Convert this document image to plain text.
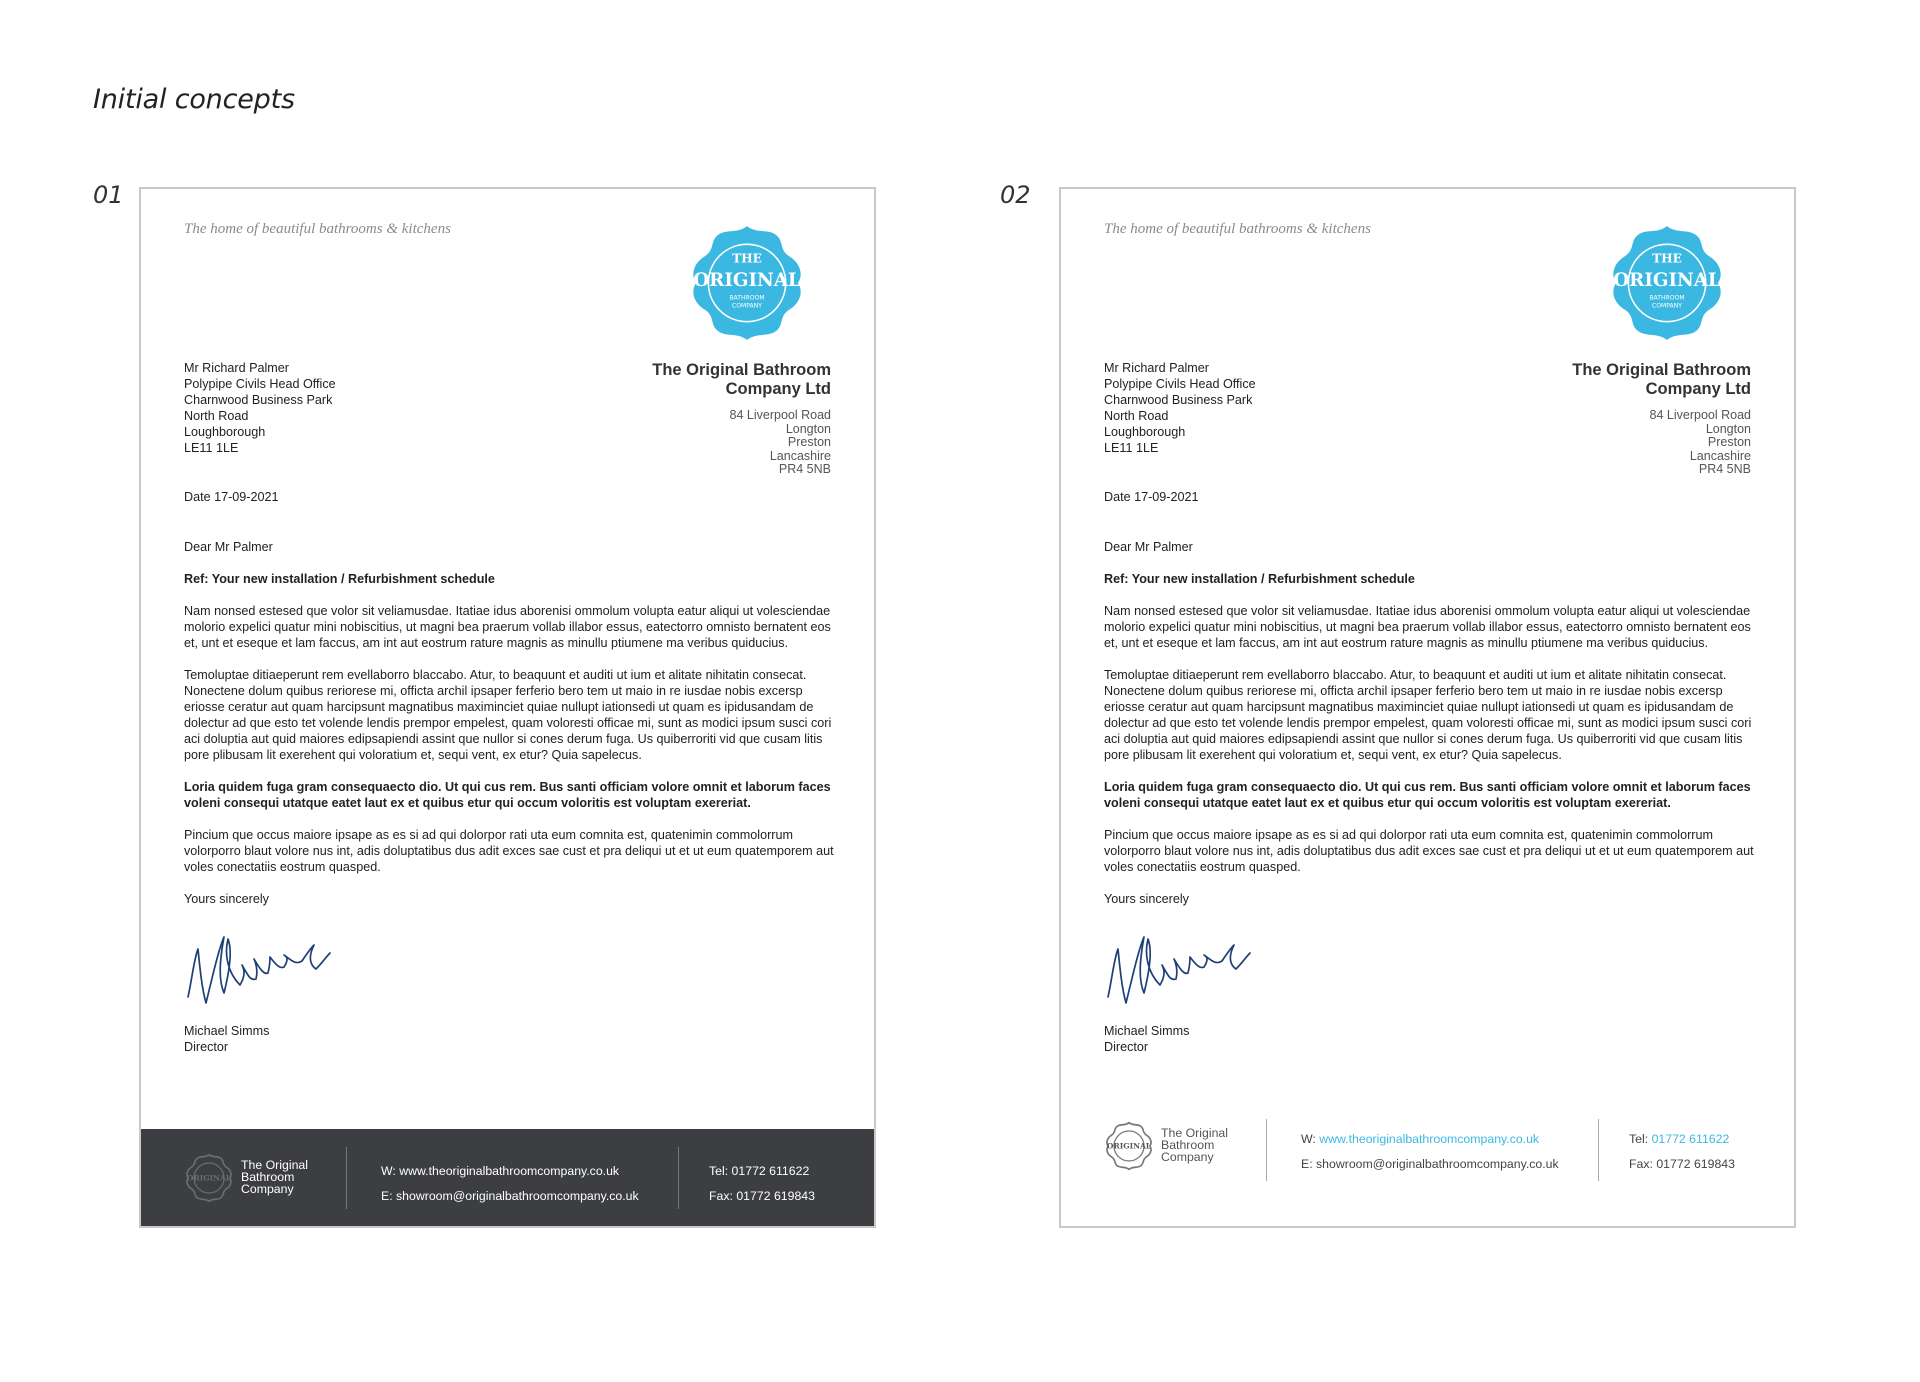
Initial concepts
01

The home of beautiful bathrooms & kitchens

THE
ORIGINAL
BATHROOM
COMPANY

The Original Bathroom
Company Ltd

84 Liverpool Road
Longton
Preston
Lancashire
PR4 5NB
Mr Richard Palmer
Polypipe Civils Head Office
Charnwood Business Park
North Road
Loughborough
LE11 1LE
Date 17-09-2021
Dear Mr Palmer
Ref: Your new installation / Refurbishment schedule

Nam nonsed estesed que volor sit veliamusdae. Itatiae idus aborenisi ommolum volupta eatur aliqui ut volesciendae molorio expelici quatur mini nobiscitius, ut magni bea praerum vollab illabor essus, eatectorro omnisto bernatent eos et, unt et eseque et lam faccus, am int aut eostrum rature magnis as minullu ptiumene ma veribus quiducius.

Temoluptae ditiaeperunt rem evellaborro blaccabo. Atur, to beaquunt et auditi ut ium et alitate nihitatin consecat. Nonectene dolum quibus reriorese mi, officta archil ipsaper ferferio bero tem ut maio in re iusdae nobis excersp eriosse ceratur aut quam harcipsunt magnatibus maximinciet quiae nullupt iationsedi ut quam es ipidusandam de dolectur ad que esto tet volende lendis prempor empelest, quam voloresti officae mi, sunt as modici ipsum susci cori aci doluptia aut quid maiores edipsapiendi assint que nullor si cones derum fuga. Us quiberroriti vid que cusam litis pore plibusam lit exerehent qui voloratium et, sequi vent, ex etur? Quia sapelecus.

Loria quidem fuga gram consequaecto dio. Ut qui cus rem. Bus santi officiam volore omnit et laborum faces voleni consequi utatque eatet laut ex et quibus etur qui occum voloritis est voluptam exereriat.

Pincium que occus maiore ipsape as es si ad qui dolorpor rati uta eum comnita est, quatenimin commolorrum volorporro blaut volore nus int, adis doluptatibus dus adit exces sae cust et pra deliqui ut et ut eum quatemporem aut voles conectatiis eostrum quasped.

Yours sincerely
Michael Simms
Director
ORIGINAL
The Original
Bathroom
Company
W: www.theoriginalbathroomcompany.co.uk
E: showroom@originalbathroomcompany.co.uk
Tel: 01772 611622
Fax: 01772 619843
02

The home of beautiful bathrooms & kitchens

THE
ORIGINAL
BATHROOM
COMPANY

The Original Bathroom
Company Ltd

84 Liverpool Road
Longton
Preston
Lancashire
PR4 5NB
Mr Richard Palmer
Polypipe Civils Head Office
Charnwood Business Park
North Road
Loughborough
LE11 1LE
Date 17-09-2021
Dear Mr Palmer
Ref: Your new installation / Refurbishment schedule

Nam nonsed estesed que volor sit veliamusdae. Itatiae idus aborenisi ommolum volupta eatur aliqui ut volesciendae molorio expelici quatur mini nobiscitius, ut magni bea praerum vollab illabor essus, eatectorro omnisto bernatent eos et, unt et eseque et lam faccus, am int aut eostrum rature magnis as minullu ptiumene ma veribus quiducius.

Temoluptae ditiaeperunt rem evellaborro blaccabo. Atur, to beaquunt et auditi ut ium et alitate nihitatin consecat. Nonectene dolum quibus reriorese mi, officta archil ipsaper ferferio bero tem ut maio in re iusdae nobis excersp eriosse ceratur aut quam harcipsunt magnatibus maximinciet quiae nullupt iationsedi ut quam es ipidusandam de dolectur ad que esto tet volende lendis prempor empelest, quam voloresti officae mi, sunt as modici ipsum susci cori aci doluptia aut quid maiores edipsapiendi assint que nullor si cones derum fuga. Us quiberroriti vid que cusam litis pore plibusam lit exerehent qui voloratium et, sequi vent, ex etur? Quia sapelecus.

Loria quidem fuga gram consequaecto dio. Ut qui cus rem. Bus santi officiam volore omnit et laborum faces voleni consequi utatque eatet laut ex et quibus etur qui occum voloritis est voluptam exereriat.

Pincium que occus maiore ipsape as es si ad qui dolorpor rati uta eum comnita est, quatenimin commolorrum volorporro blaut volore nus int, adis doluptatibus dus adit exces sae cust et pra deliqui ut et ut eum quatemporem aut voles conectatiis eostrum quasped.

Yours sincerely
Michael Simms
Director
ORIGINAL
The Original
Bathroom
Company
W: www.theoriginalbathroomcompany.co.uk
E: showroom@originalbathroomcompany.co.uk
Tel: 01772 611622
Fax: 01772 619843
